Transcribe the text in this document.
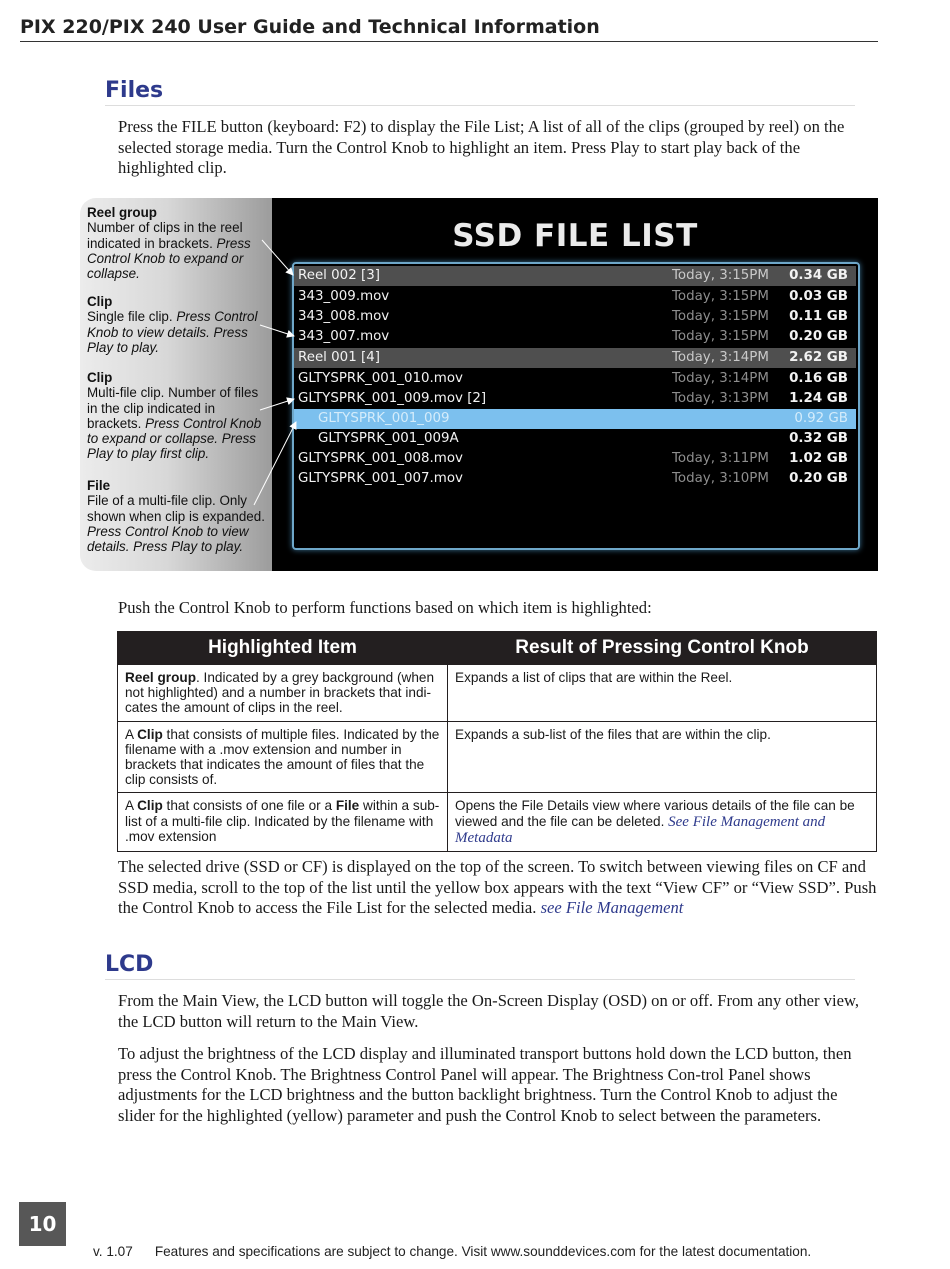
PIX 220/PIX 240 User Guide and Technical Information
Files

Press the FILE button (keyboard: F2) to display the File List; A list of all of the clips (grouped by reel) on the selected storage media. Turn the Control Knob to highlight an item. Press Play to start play back of the highlighted clip.

Reel group
Number of clips in the reel indicated in brackets. Press Control Knob to expand or collapse.
Clip
Single file clip. Press Control Knob to view details. Press Play to play.
Clip
Multi-file clip. Number of files in the clip indicated in brackets. Press Control Knob to expand or collapse. Press Play to play first clip.
File
File of a multi-file clip. Only shown when clip is expanded. Press Control Knob to view details. Press Play to play.
SSD FILE LIST
Reel 002 [3]	Today, 3:15PM 0.34 GB
343_009.mov	Today, 3:15PM 0.03 GB
343_008.mov	Today, 3:15PM 0.11 GB
343_007.mov	Today, 3:15PM 0.20 GB
Reel 001 [4]	Today, 3:14PM 2.62 GB
GLTYSPRK_001_010.mov	Today, 3:14PM 0.16 GB
GLTYSPRK_001_009.mov [2]	Today, 3:13PM 1.24 GB
GLTYSPRK_001_009	0.92 GB
GLTYSPRK_001_009A	0.32 GB
GLTYSPRK_001_008.mov	Today, 3:11PM 1.02 GB
GLTYSPRK_001_007.mov	Today, 3:10PM 0.20 GB

Push the Control Knob to perform functions based on which item is highlighted:

Highlighted Item	Result of Pressing Control Knob
Reel group. Indicated by a grey background (when not highlighted) and a number in brackets that indi-cates the amount of clips in the reel.	Expands a list of clips that are within the Reel.
A Clip that consists of multiple files. Indicated by the filename with a .mov extension and number in brackets that indicates the amount of files that the clip consists of.	Expands a sub-list of the files that are within the clip.
A Clip that consists of one file or a File within a sub-list of a multi-file clip. Indicated by the filename with .mov extension	Opens the File Details view where various details of the file can be viewed and the file can be deleted. See File Management and Metadata

The selected drive (SSD or CF) is displayed on the top of the screen. To switch between viewing files on CF and SSD media, scroll to the top of the list until the yellow box appears with the text “View CF” or “View SSD”. Push the Control Knob to access the File List for the selected media. see File Management

LCD

From the Main View, the LCD button will toggle the On-Screen Display (OSD) on or off. From any other view, the LCD button will return to the Main View.

To adjust the brightness of the LCD display and illuminated transport buttons hold down the LCD button, then press the Control Knob. The Brightness Control Panel will appear. The Brightness Con-trol Panel shows adjustments for the LCD brightness and the button backlight brightness. Turn the Control Knob to adjust the slider for the highlighted (yellow) parameter and push the Control Knob to select between the parameters.

10
v. 1.07 Features and specifications are subject to change. Visit www.sounddevices.com for the latest documentation.
